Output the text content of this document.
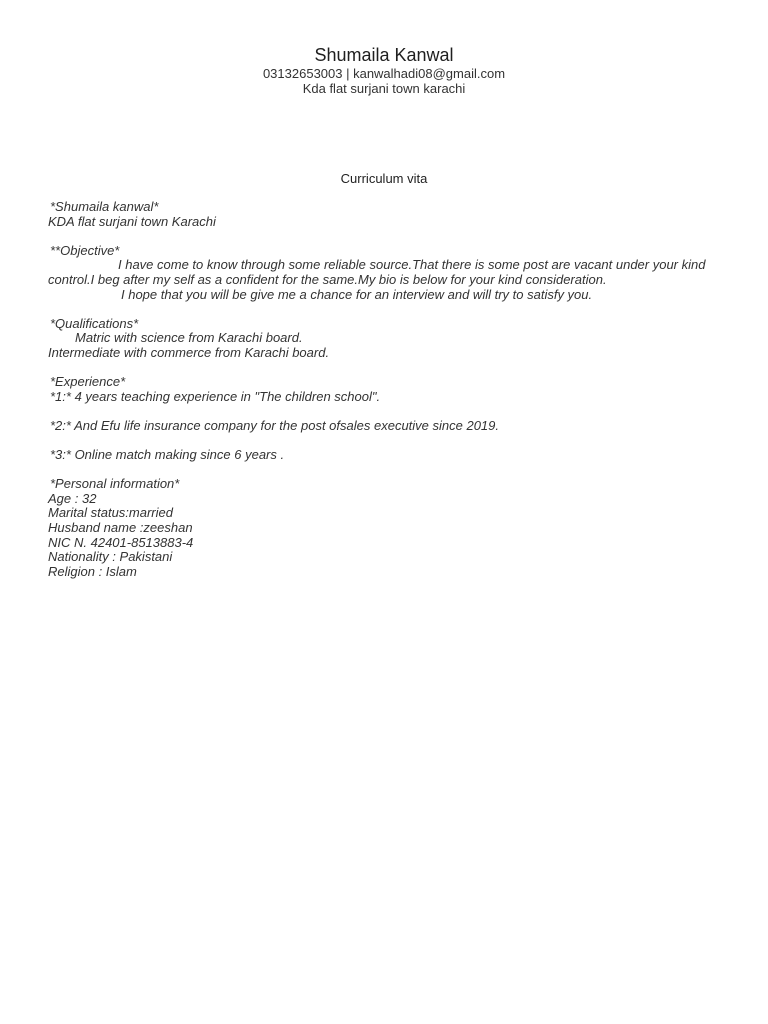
Shumaila Kanwal
03132653003 | kanwalhadi08@gmail.com
Kda flat surjani town karachi
Curriculum vita

*Shumaila kanwal*

KDA flat surjani town Karachi

**Objective*

I have come to know through some reliable source.That there is some post are vacant under your kind control.I beg after my self as a confident for the same.My bio is below for your kind consideration.

I hope that you will be give me a chance for an interview and will try to satisfy you.

*Qualifications*

Matric with science from Karachi board.

Intermediate with commerce from Karachi board.

*Experience*

*1:* 4 years teaching experience in "The children school".

*2:* And Efu life insurance company for the post ofsales executive since 2019.

*3:* Online match making since 6 years .

*Personal information*

Age : 32

Marital status:married

Husband name :zeeshan

NIC N. 42401-8513883-4

Nationality : Pakistani

Religion : Islam
